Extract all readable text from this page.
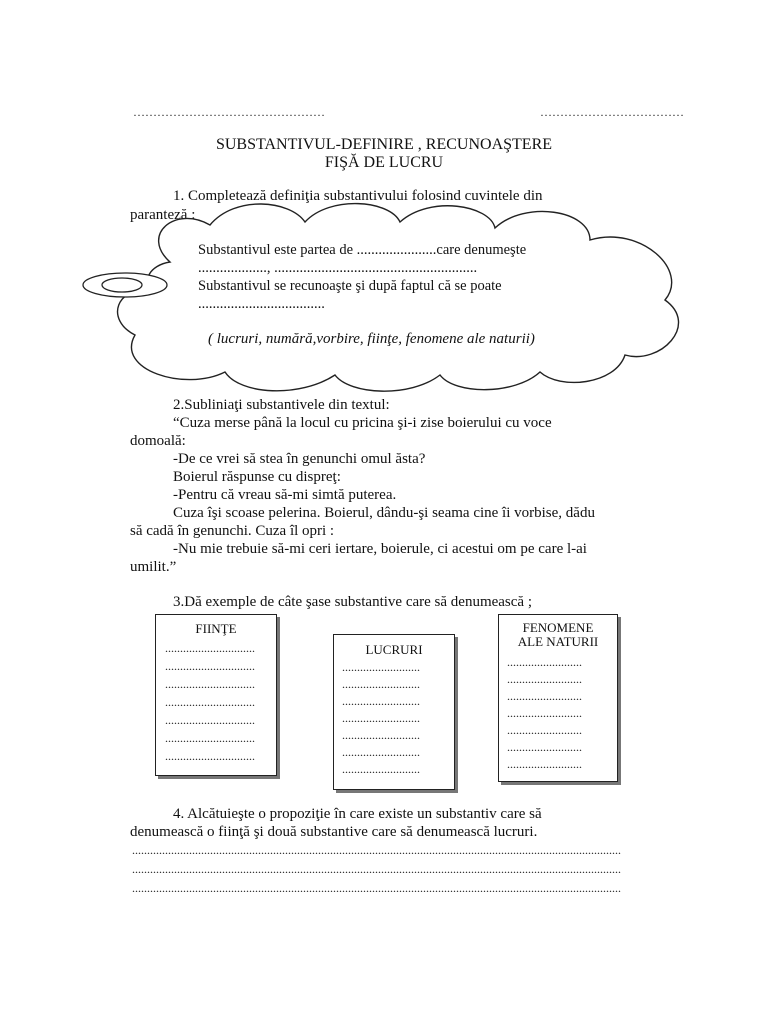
…………………………………………	………………………………
SUBSTANTIVUL-DEFINIRE , RECUNOAŞTERE
FIŞĂ DE LUCRU
1. Completează definiţia substantivului folosind cuvintele din
paranteză :
Substantivul este partea de ......................care denumeşte
..................., ........................................................
Substantivul se recunoaşte şi după faptul că se poate
...................................
( lucruri, numără,vorbire, fiinţe, fenomene ale naturii)
2.Subliniaţi substantivele din textul:
“Cuza merse până la locul cu pricina şi-i zise boierului cu voce
domoală:
-De ce vrei să stea în genunchi omul ăsta?
Boierul răspunse cu dispreţ:
-Pentru că vreau să-mi simtă puterea.
Cuza îşi scoase pelerina. Boierul, dându-şi seama cine îi vorbise, dădu
să cadă în genunchi. Cuza îl opri :
-Nu mie trebuie să-mi ceri iertare, boierule, ci acestui om pe care l-ai
umilit.”
3.Dă exemple de câte şase substantive care să denumească ;
FIINŢE
..............................
..............................
..............................
..............................
..............................
..............................
..............................
LUCRURI
..........................
..........................
..........................
..........................
..........................
..........................
..........................
FENOMENE
ALE NATURII
.........................
.........................
.........................
.........................
.........................
.........................
.........................
4. Alcătuieşte o propoziţie în care existe un substantiv care să
denumească o fiinţă şi două substantive care să denumească lucruri.
...................................................................................................................................................................
...................................................................................................................................................................
...................................................................................................................................................................
